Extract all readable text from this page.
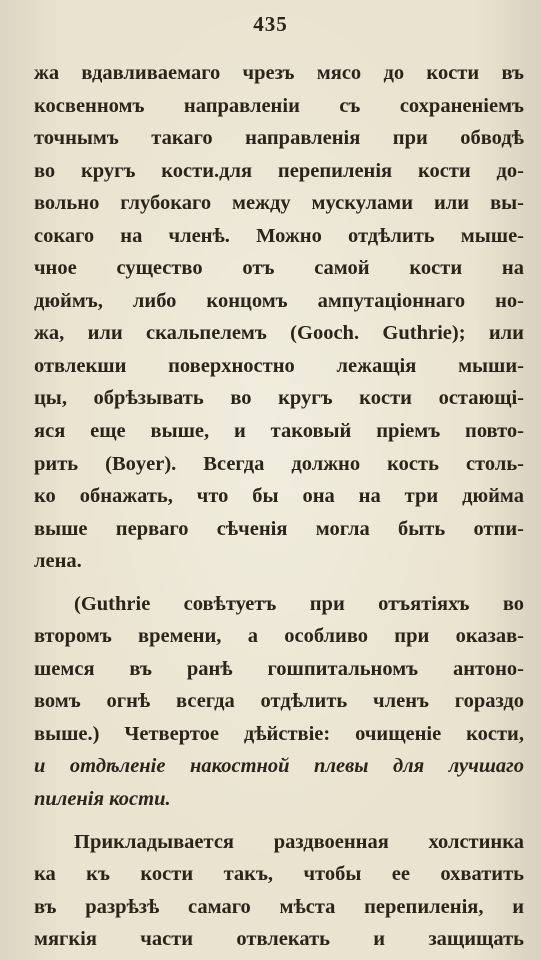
435
жа вдавливаемаго чрезъ мясо до кости въ
косвенномъ направленіи съ сохраненіемъ
точнымъ такаго направленія при обводѣ
во кругъ кости.для перепиленія кости до-
вольно глубокаго между мускулами или вы-
сокаго на членѣ. Можно отдѣлить мыше-
чное существо отъ самой кости на
дюймъ, либо концомъ ампутаціоннаго но-
жа, или скальпелемъ (Gooch. Guthrie); или
отвлекши поверхностно лежащія мыши-
цы, обрѣзывать во кругъ кости остающі-
яся еще выше, и таковый пріемъ повто-
рить (Boyer). Всегда должно кость столь-
ко обнажать, что бы она на три дюйма
выше перваго сѣченія могла быть отпи-
лена.
(Guthrie совѣтуетъ при отъятіяхъ во
второмъ времени, а особливо при оказав-
шемся въ ранѣ гошпитальномъ антоно-
вомъ огнѣ всегда отдѣлить членъ гораздо
выше.) Четвертое дѣйствіе: очищеніе кости,
и отдѣленіе накостной плевы для лучшаго
пиленія кости.
Прикладывается раздвоенная холстинка
ка къ кости такъ, чтобы ее охватить
въ разрѣзѣ самаго мѣста перепиленія, и
мягкія части отвлекать и защищать
